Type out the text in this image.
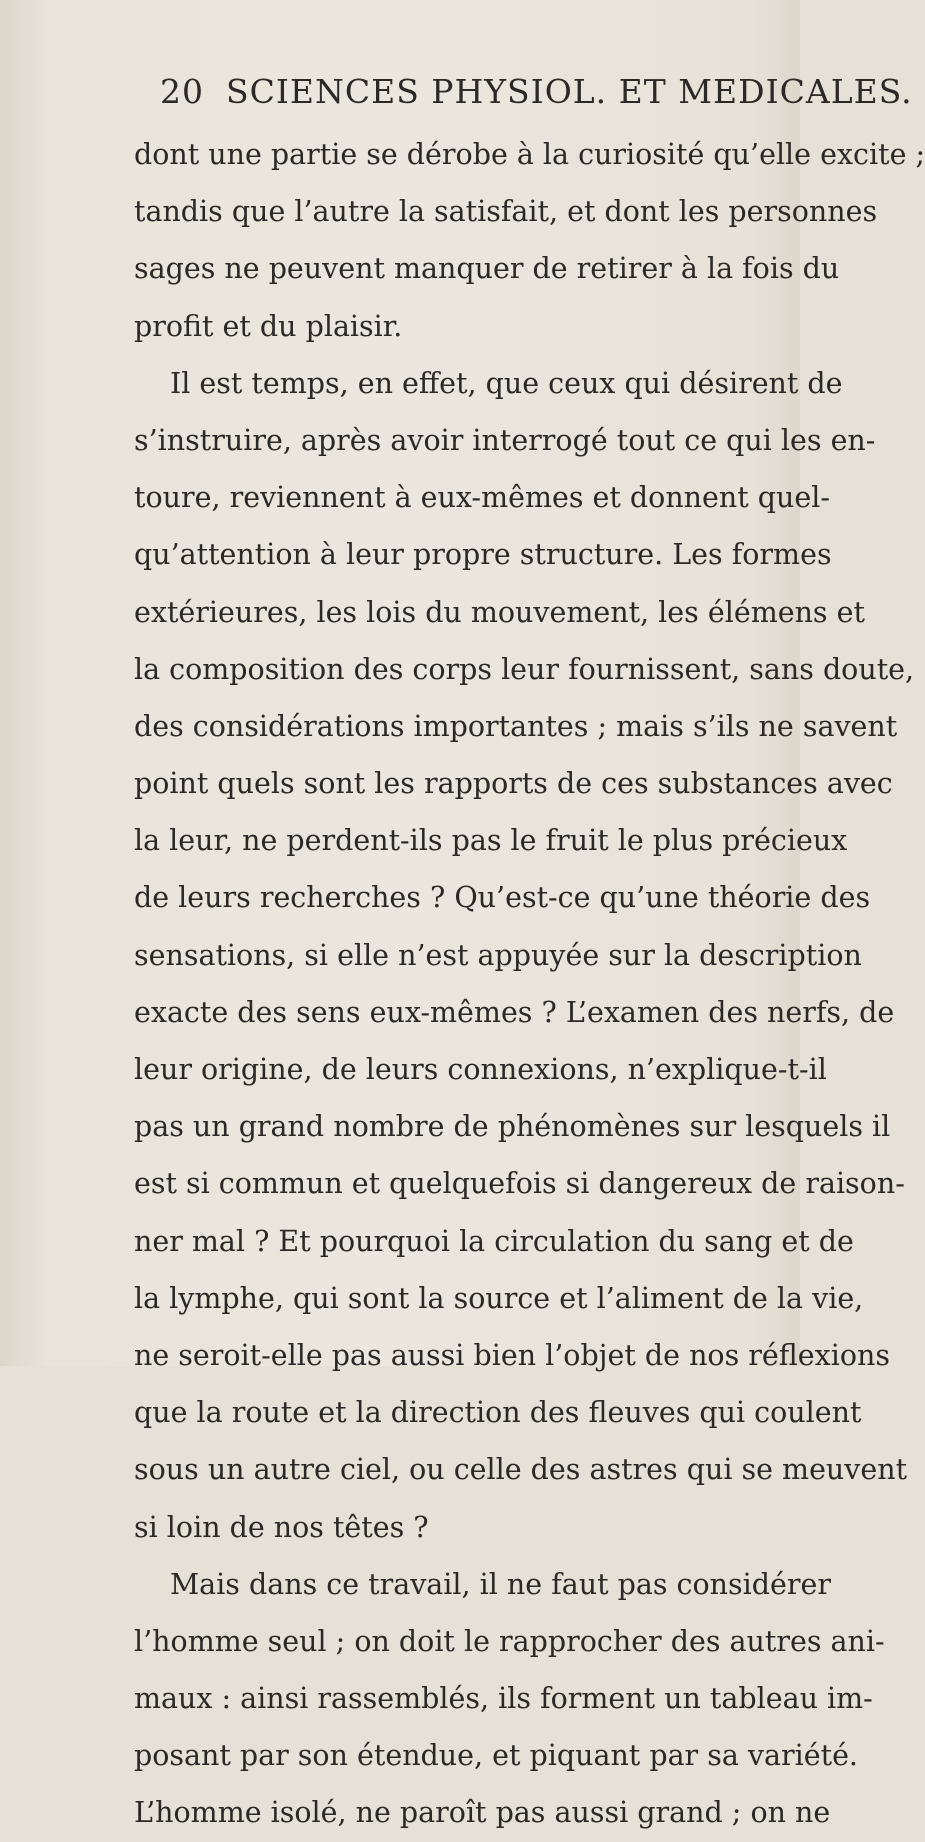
20 SCIENCES PHYSIOL. ET MEDICALES.
dont une partie se dérobe à la curiosité qu’elle excite ;
tandis que l’autre la satisfait, et dont les personnes
sages ne peuvent manquer de retirer à la fois du
profit et du plaisir.
Il est temps, en effet, que ceux qui désirent de
s’instruire, après avoir interrogé tout ce qui les en-
toure, reviennent à eux-mêmes et donnent quel-
qu’attention à leur propre structure. Les formes
extérieures, les lois du mouvement, les élémens et
la composition des corps leur fournissent, sans doute,
des considérations importantes ; mais s’ils ne savent
point quels sont les rapports de ces substances avec
la leur, ne perdent-ils pas le fruit le plus précieux
de leurs recherches ? Qu’est-ce qu’une théorie des
sensations, si elle n’est appuyée sur la description
exacte des sens eux-mêmes ? L’examen des nerfs, de
leur origine, de leurs connexions, n’explique-t-il
pas un grand nombre de phénomènes sur lesquels il
est si commun et quelquefois si dangereux de raison-
ner mal ? Et pourquoi la circulation du sang et de
la lymphe, qui sont la source et l’aliment de la vie,
ne seroit-elle pas aussi bien l’objet de nos réflexions
que la route et la direction des fleuves qui coulent
sous un autre ciel, ou celle des astres qui se meuvent
si loin de nos têtes ?
Mais dans ce travail, il ne faut pas considérer
l’homme seul ; on doit le rapprocher des autres ani-
maux : ainsi rassemblés, ils forment un tableau im-
posant par son étendue, et piquant par sa variété.
L’homme isolé, ne paroît pas aussi grand ; on ne
